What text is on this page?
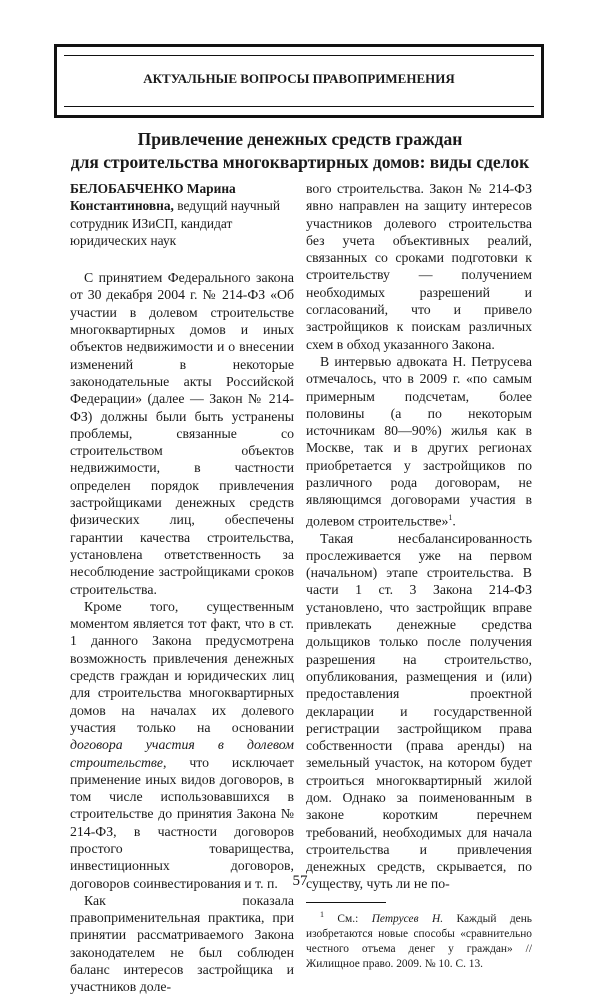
АКТУАЛЬНЫЕ ВОПРОСЫ ПРАВОПРИМЕНЕНИЯ
Привлечение денежных средств граждан
для строительства многоквартирных домов: виды сделок

БЕЛОБАБЧЕНКО Марина Константиновна, ведущий научный сотрудник ИЗиСП, кандидат юридических наук

С принятием Федерального закона от 30 декабря 2004 г. № 214-ФЗ «Об участии в долевом строительстве многоквартирных домов и иных объектов недвижимости и о внесении изменений в некоторые законодательные акты Российской Федерации» (далее — Закон № 214-ФЗ) должны были быть устранены проблемы, связанные со строительством объектов недвижимости, в частности определен порядок привлечения застройщиками денежных средств физических лиц, обеспечены гарантии качества строительства, установлена ответственность за несоблюдение застройщиками сроков строительства.

Кроме того, существенным моментом является тот факт, что в ст. 1 данного Закона предусмотрена возможность привлечения денежных средств граждан и юридических лиц для строительства многоквартирных домов на началах их долевого участия только на основании договора участия в долевом строительстве, что исключает применение иных видов договоров, в том числе использовавшихся в строительстве до принятия Закона № 214-ФЗ, в частности договоров простого товарищества, инвестиционных договоров, договоров соинвестирования и т. п.

Как показала правоприменительная практика, при принятии рассматриваемого Закона законодателем не был соблюден баланс интересов застройщика и участников доле-

вого строительства. Закон № 214-ФЗ явно направлен на защиту интересов участников долевого строительства без учета объективных реалий, связанных со сроками подготовки к строительству — получением необходимых разрешений и согласований, что и привело застройщиков к поискам различных схем в обход указанного Закона.

В интервью адвоката Н. Петрусева отмечалось, что в 2009 г. «по самым примерным подсчетам, более половины (а по некоторым источникам 80—90%) жилья как в Москве, так и в других регионах приобретается у застройщиков по различного рода договорам, не являющимся договорами участия в долевом строительстве»$^1$.

Такая несбалансированность прослеживается уже на первом (начальном) этапе строительства. В части 1 ст. 3 Закона 214-ФЗ установлено, что застройщик вправе привлекать денежные средства дольщиков только после получения разрешения на строительство, опубликования, размещения и (или) предоставления проектной декларации и государственной регистрации застройщиком права собственности (права аренды) на земельный участок, на котором будет строиться многоквартирный жилой дом. Однако за поименованным в законе коротким перечнем требований, необходимых для начала строительства и привлечения денежных средств, скрывается, по существу, чуть ли не по-

$^1$ См.: Петрусев Н. Каждый день изобретаются новые способы «сравнительно честного отъема денег у граждан» // Жилищное право. 2009. № 10. С. 13.

57
